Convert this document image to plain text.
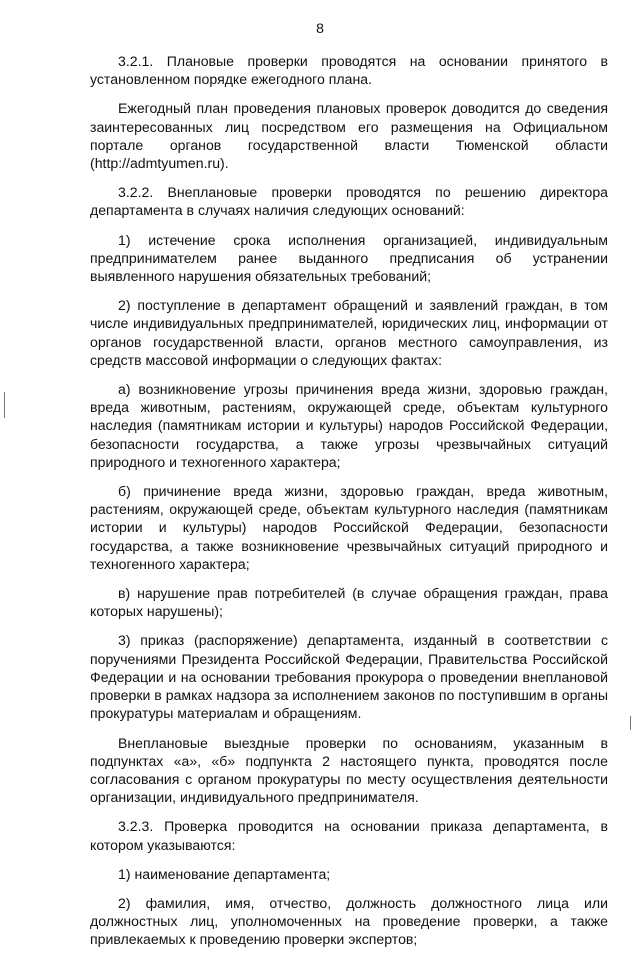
8

3.2.1. Плановые проверки проводятся на основании принятого в установленном порядке ежегодного плана.

Ежегодный план проведения плановых проверок доводится до сведения заинтересованных лиц посредством его размещения на Официальном портале органов государственной власти Тюменской области (http://admtyumen.ru).

3.2.2. Внеплановые проверки проводятся по решению директора департамента в случаях наличия следующих оснований:

1) истечение срока исполнения организацией, индивидуальным предпринимателем ранее выданного предписания об устранении выявленного нарушения обязательных требований;

2) поступление в департамент обращений и заявлений граждан, в том числе индивидуальных предпринимателей, юридических лиц, информации от органов государственной власти, органов местного самоуправления, из средств массовой информации о следующих фактах:

а) возникновение угрозы причинения вреда жизни, здоровью граждан, вреда животным, растениям, окружающей среде, объектам культурного наследия (памятникам истории и культуры) народов Российской Федерации, безопасности государства, а также угрозы чрезвычайных ситуаций природного и техногенного характера;

б) причинение вреда жизни, здоровью граждан, вреда животным, растениям, окружающей среде, объектам культурного наследия (памятникам истории и культуры) народов Российской Федерации, безопасности государства, а также возникновение чрезвычайных ситуаций природного и техногенного характера;

в) нарушение прав потребителей (в случае обращения граждан, права которых нарушены);

3) приказ (распоряжение) департамента, изданный в соответствии с поручениями Президента Российской Федерации, Правительства Российской Федерации и на основании требования прокурора о проведении внеплановой проверки в рамках надзора за исполнением законов по поступившим в органы прокуратуры материалам и обращениям.

Внеплановые выездные проверки по основаниям, указанным в подпунктах «а», «б» подпункта 2 настоящего пункта, проводятся после согласования с органом прокуратуры по месту осуществления деятельности организации, индивидуального предпринимателя.

3.2.3. Проверка проводится на основании приказа департамента, в котором указываются:

1) наименование департамента;

2) фамилия, имя, отчество, должность должностного лица или должностных лиц, уполномоченных на проведение проверки, а также привлекаемых к проведению проверки экспертов;
